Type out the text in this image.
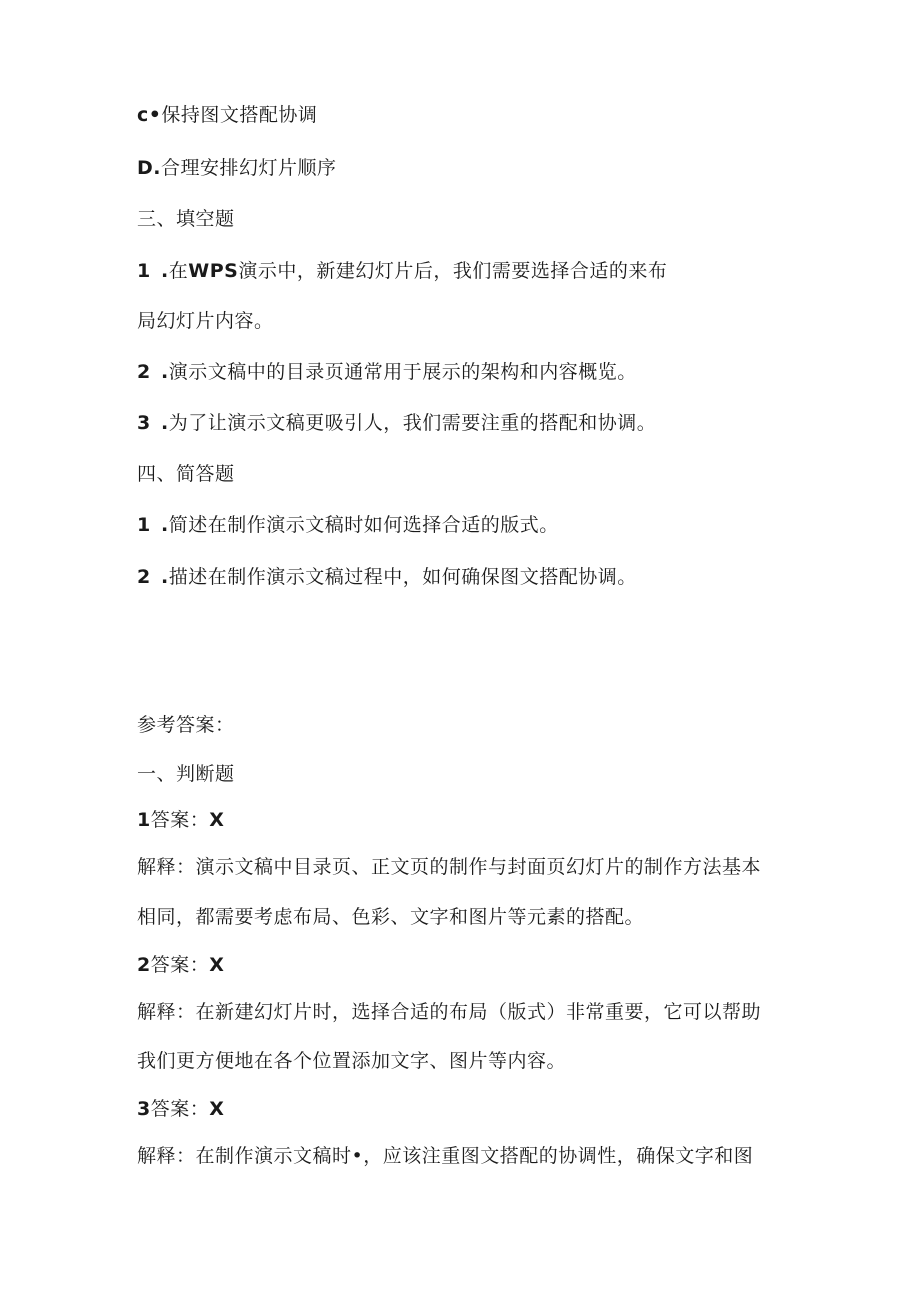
c•保持图文搭配协调
D.合理安排幻灯片顺序
三、填空题
1 .在WPS演示中，新建幻灯片后，我们需要选择合适的来布
局幻灯片内容。
2 .演示文稿中的目录页通常用于展示的架构和内容概览。
3 .为了让演示文稿更吸引人，我们需要注重的搭配和协调。
四、简答题
1 .简述在制作演示文稿时如何选择合适的版式。
2 .描述在制作演示文稿过程中，如何确保图文搭配协调。
参考答案：
一、判断题
1答案：X
解释：演示文稿中目录页、正文页的制作与封面页幻灯片的制作方法基本
相同，都需要考虑布局、色彩、文字和图片等元素的搭配。
2答案：X
解释：在新建幻灯片时，选择合适的布局（版式）非常重要，它可以帮助
我们更方便地在各个位置添加文字、图片等内容。
3答案：X
解释：在制作演示文稿时•，应该注重图文搭配的协调性，确保文字和图
